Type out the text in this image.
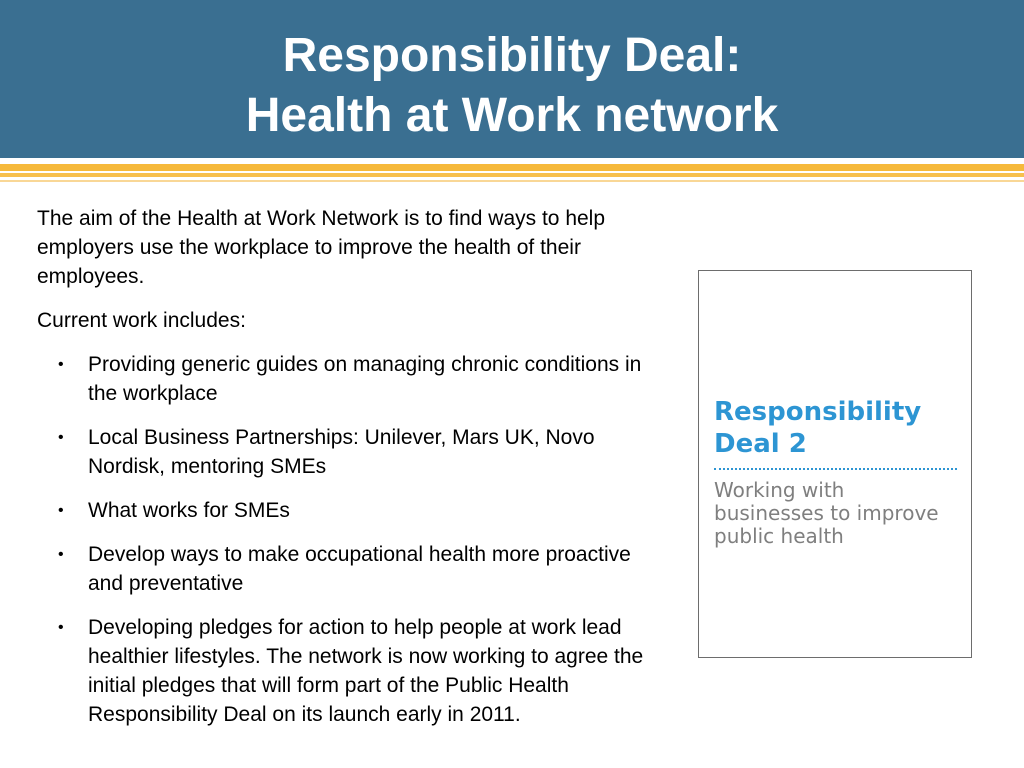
Responsibility Deal:
Health at Work network

The aim of the Health at Work Network is to find ways to help employers use the workplace to improve the health of their employees.

Current work includes:

• Providing generic guides on managing chronic conditions in the workplace
• Local Business Partnerships: Unilever, Mars UK, Novo Nordisk, mentoring SMEs
• What works for SMEs
• Develop ways to make occupational health more proactive and preventative
• Developing pledges for action to help people at work lead healthier lifestyles. The network is now working to agree the initial pledges that will form part of the Public Health Responsibility Deal on its launch early in 2011.
Responsibility
Deal 2
Working with
businesses to improve
public health
